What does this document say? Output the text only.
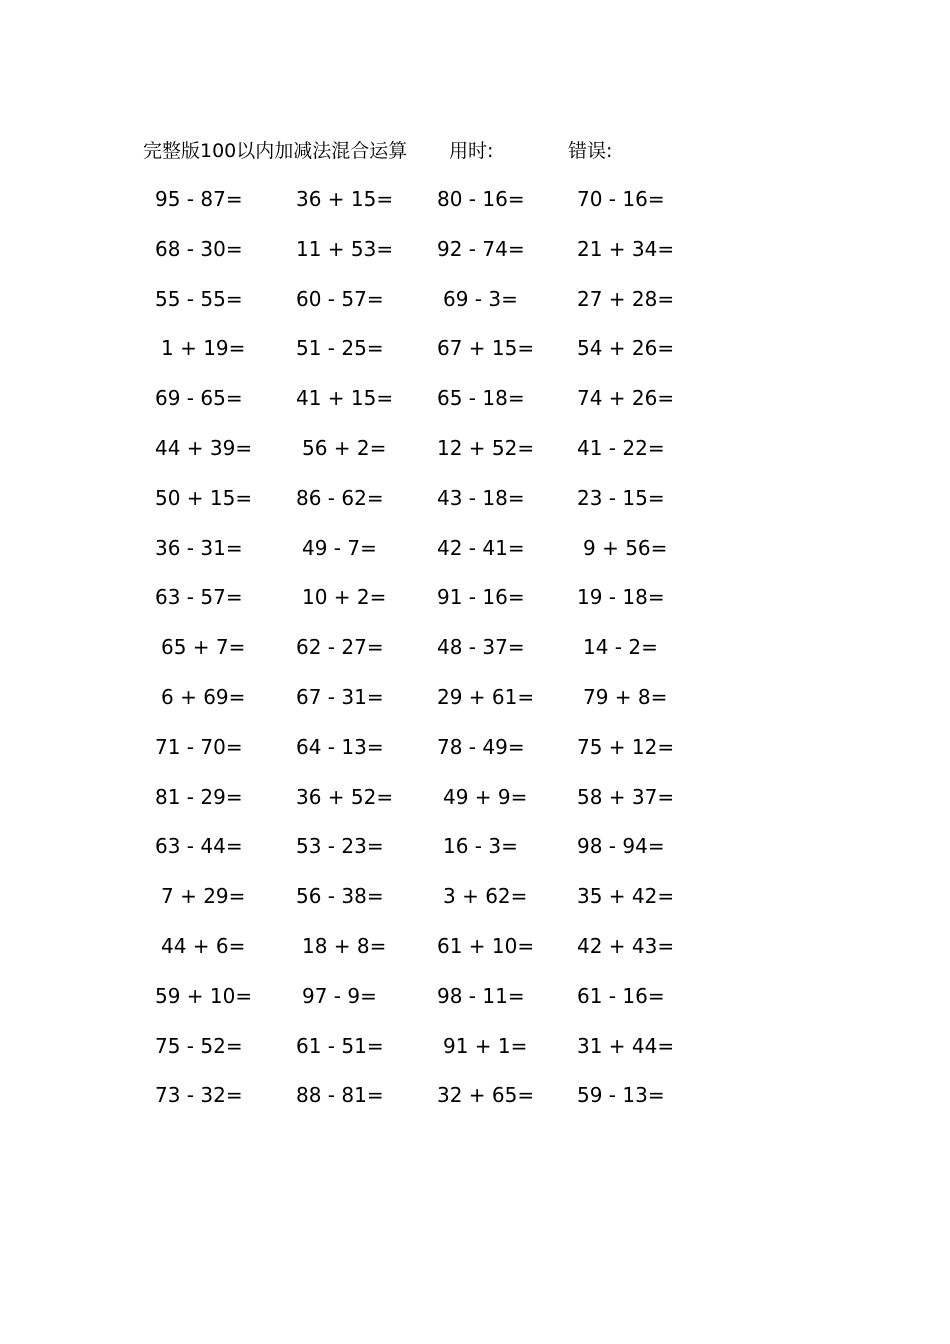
完整版100以内加减法混合运算 用时:	错误:
95 - 87=	36 + 15= 80 - 16=	70 - 16=
68 - 30=	11 + 53= 92 - 74=	21 + 34=
55 - 55=	60 - 57=	69 - 3=	27 + 28=
1 + 19=	51 - 25=	67 + 15= 54 + 26=
69 - 65=	41 + 15= 65 - 18=	74 + 26=
44 + 39= 56 + 2=	12 + 52= 41 - 22=
50 + 15= 86 - 62=	43 - 18=	23 - 15=
36 - 31=	49 - 7=	42 - 41=	9 + 56=
63 - 57=	10 + 2=	91 - 16=	19 - 18=
65 + 7=	62 - 27=	48 - 37=	14 - 2=
6 + 69=	67 - 31=	29 + 61= 79 + 8=
71 - 70=	64 - 13=	78 - 49=	75 + 12=
81 - 29=	36 + 52= 49 + 9= 58 + 37=
63 - 44=	53 - 23=	16 - 3=	98 - 94=
7 + 29=	56 - 38=	3 + 62= 35 + 42=
44 + 6=	18 + 8=	61 + 10= 42 + 43=
59 + 10= 97 - 9=	98 - 11=	61 - 16=
75 - 52=	61 - 51=	91 + 1= 31 + 44=
73 - 32=	88 - 81=	32 + 65= 59 - 13=
